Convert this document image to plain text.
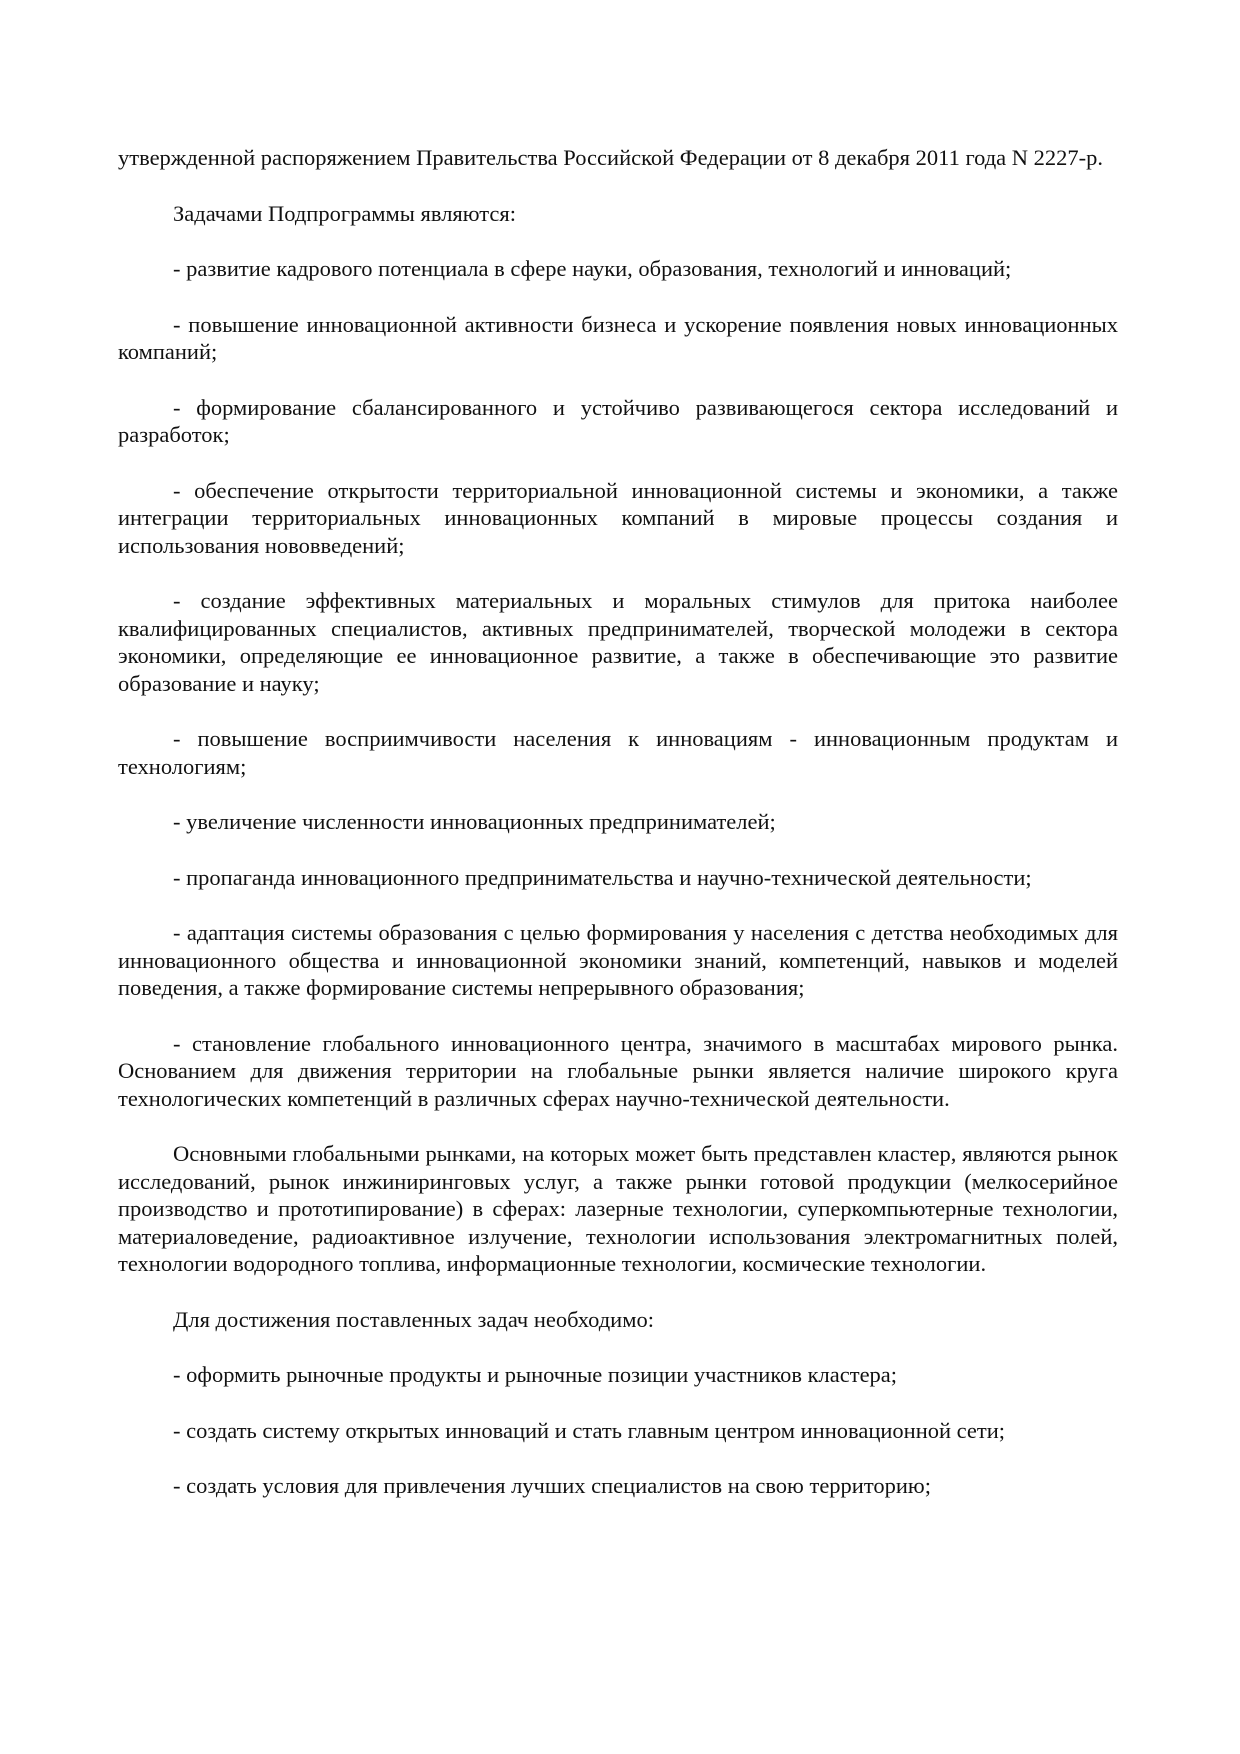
утвержденной распоряжением Правительства Российской Федерации от 8 декабря 2011 года N 2227-р.

Задачами Подпрограммы являются:

- развитие кадрового потенциала в сфере науки, образования, технологий и инноваций;

- повышение инновационной активности бизнеса и ускорение появления новых инновационных компаний;

- формирование сбалансированного и устойчиво развивающегося сектора исследований и разработок;

- обеспечение открытости территориальной инновационной системы и экономики, а также интеграции территориальных инновационных компаний в мировые процессы создания и использования нововведений;

- создание эффективных материальных и моральных стимулов для притока наиболее квалифицированных специалистов, активных предпринимателей, творческой молодежи в сектора экономики, определяющие ее инновационное развитие, а также в обеспечивающие это развитие образование и науку;

- повышение восприимчивости населения к инновациям - инновационным продуктам и технологиям;

- увеличение численности инновационных предпринимателей;

- пропаганда инновационного предпринимательства и научно-технической деятельности;

- адаптация системы образования с целью формирования у населения с детства необходимых для инновационного общества и инновационной экономики знаний, компетенций, навыков и моделей поведения, а также формирование системы непрерывного образования;

- становление глобального инновационного центра, значимого в масштабах мирового рынка. Основанием для движения территории на глобальные рынки является наличие широкого круга технологических компетенций в различных сферах научно-технической деятельности.

Основными глобальными рынками, на которых может быть представлен кластер, являются рынок исследований, рынок инжиниринговых услуг, а также рынки готовой продукции (мелкосерийное производство и прототипирование) в сферах: лазерные технологии, суперкомпьютерные технологии, материаловедение, радиоактивное излучение, технологии использования электромагнитных полей, технологии водородного топлива, информационные технологии, космические технологии.

Для достижения поставленных задач необходимо:

- оформить рыночные продукты и рыночные позиции участников кластера;

- создать систему открытых инноваций и стать главным центром инновационной сети;

- создать условия для привлечения лучших специалистов на свою территорию;
